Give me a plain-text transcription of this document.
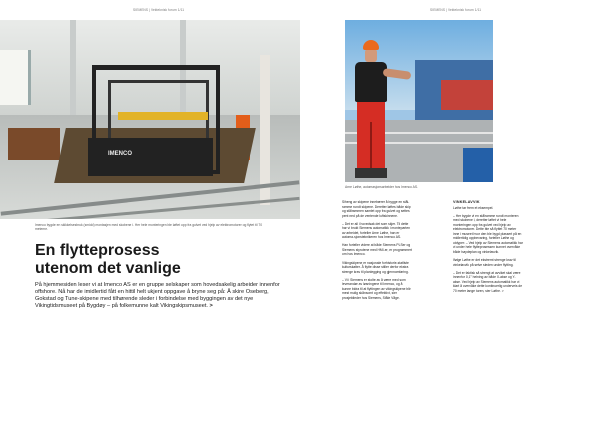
SIEMENS | Vekteknisk forum 1/11
IMENCO

Imenco bygde en skikkelsesbruk (smidd) montasjen med skobene i. Her hele monteringen ble løftet opp fra gulvet ved hjelp av elektromotorer og flytet til 70 meterne.

En flytteprosess
utenom det vanlige

På hjemmesiden leser vi at Imenco AS er en gruppe selskaper som hovedsakelig arbeider innenfor offshore. Nå har de imidlertid fått en hittil helt ukjent oppgave å bryne seg på: Å skire Oseberg, Gokstad og Tune-skipene med tilhørende sleder i forbindelse med byggingen av det nye Vikingtidsmuseet på Bygdøy – på folkemunne kalt Vikingskipsmuseet. >

SIEMENS | Vekteknisk forum 1/11

Arne Løthe, automasjonsarbeider hos Imenco AS.

Siheng av skipene innebærer å bygge en stål-ramme rundt skipene. Deretter løftes både skip og stålrammen samlet opp fra gulvet og settes pent ned på de ventende luftskinnene.

– Det er all i hovedsak det som skjer. Til dette har vi brukt Siemens automatikk i monteparten av arbeidet, forteller Arne Løthe, han er automa-sjonsteknikeren hos Imenco AS.

Han forteller videre at både Siemens PLSer og Siemens styrutene med HMI-er, er programmert om hos Imenco.

Vikingskipene er nasjonale forhistorie-statliste kulturskatter. Å flytte disse stiller derfor ekstra strenge krav til planlegging og gjennomføring.

– Vi i Siemens er stolte av å være med som leverandør av løsningene til Imenco, og å kunne bidra til at flyttingen av vikingskipene blir mest mulig skånsomt og effektivt, sier prosjektleder hos Siemens, Ståle Våge.

VINKELAVVIK

Løthe tar frem et eksempel.

– Her bygde vi en stålramme rundt monteren med skobene i, deretter løftet vi hele monteringen opp fra gulvet ved hjelp av elektromotorer. Dette ble så flyttet 70 meter inne i museet hvor den ble bygd plassert på en midlertidig oppbevaring, forteller Løthe og utdyper: – Ved hjelp av Siemens automatikk har vi under hele flytteprosessen kunnet overvåke både høydeplan og vinkelavvik.

Ifølge Løthe er det ekstremt strenge krav til vinkelavvik på selve sleden under flytting.

– Det er faktisk så strengt at avviket skal være innenfor 0,1° helning av både X-akse og Y-akse. Ved hjelp av Siemens automatikk har vi klart å overvåke dette kontinuerlig underveis de 70 meter lange turen, sier Løthe. >
